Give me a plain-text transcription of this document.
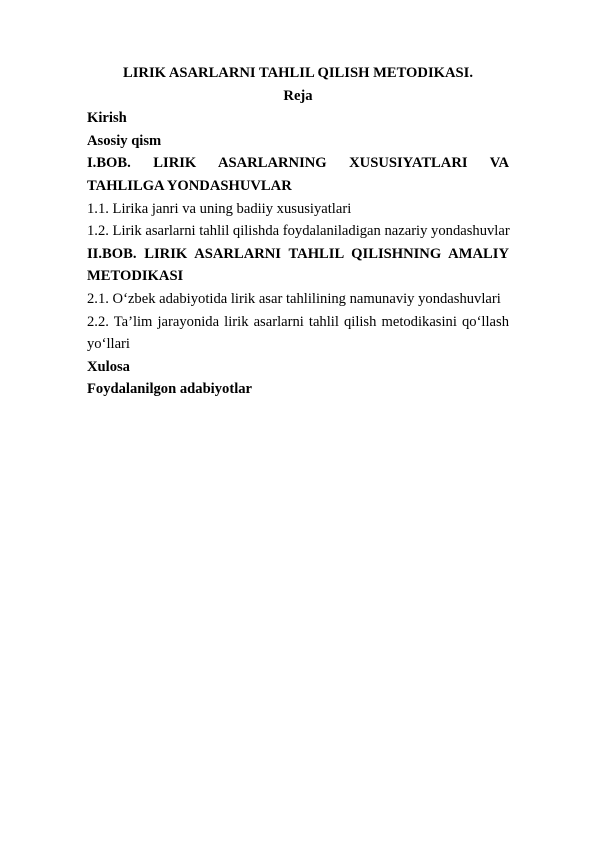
LIRIK ASARLARNI TAHLIL QILISH METODIKASI.
Reja
Kirish
Asosiy qism
I.BOB. LIRIK ASARLARNING XUSUSIYATLARI VA
TAHLILGA YONDASHUVLAR
1.1. Lirika janri va uning badiiy xususiyatlari
1.2. Lirik asarlarni tahlil qilishda foydalaniladigan nazariy yondashuvlar
II.BOB. LIRIK ASARLARNI TAHLIL QILISHNING AMALIY
METODIKASI
2.1. O‘zbek adabiyotida lirik asar tahlilining namunaviy yondashuvlari
2.2. Ta’lim jarayonida lirik asarlarni tahlil qilish metodikasini qo‘llash
yo‘llari
Xulosa
Foydalanilgon adabiyotlar
